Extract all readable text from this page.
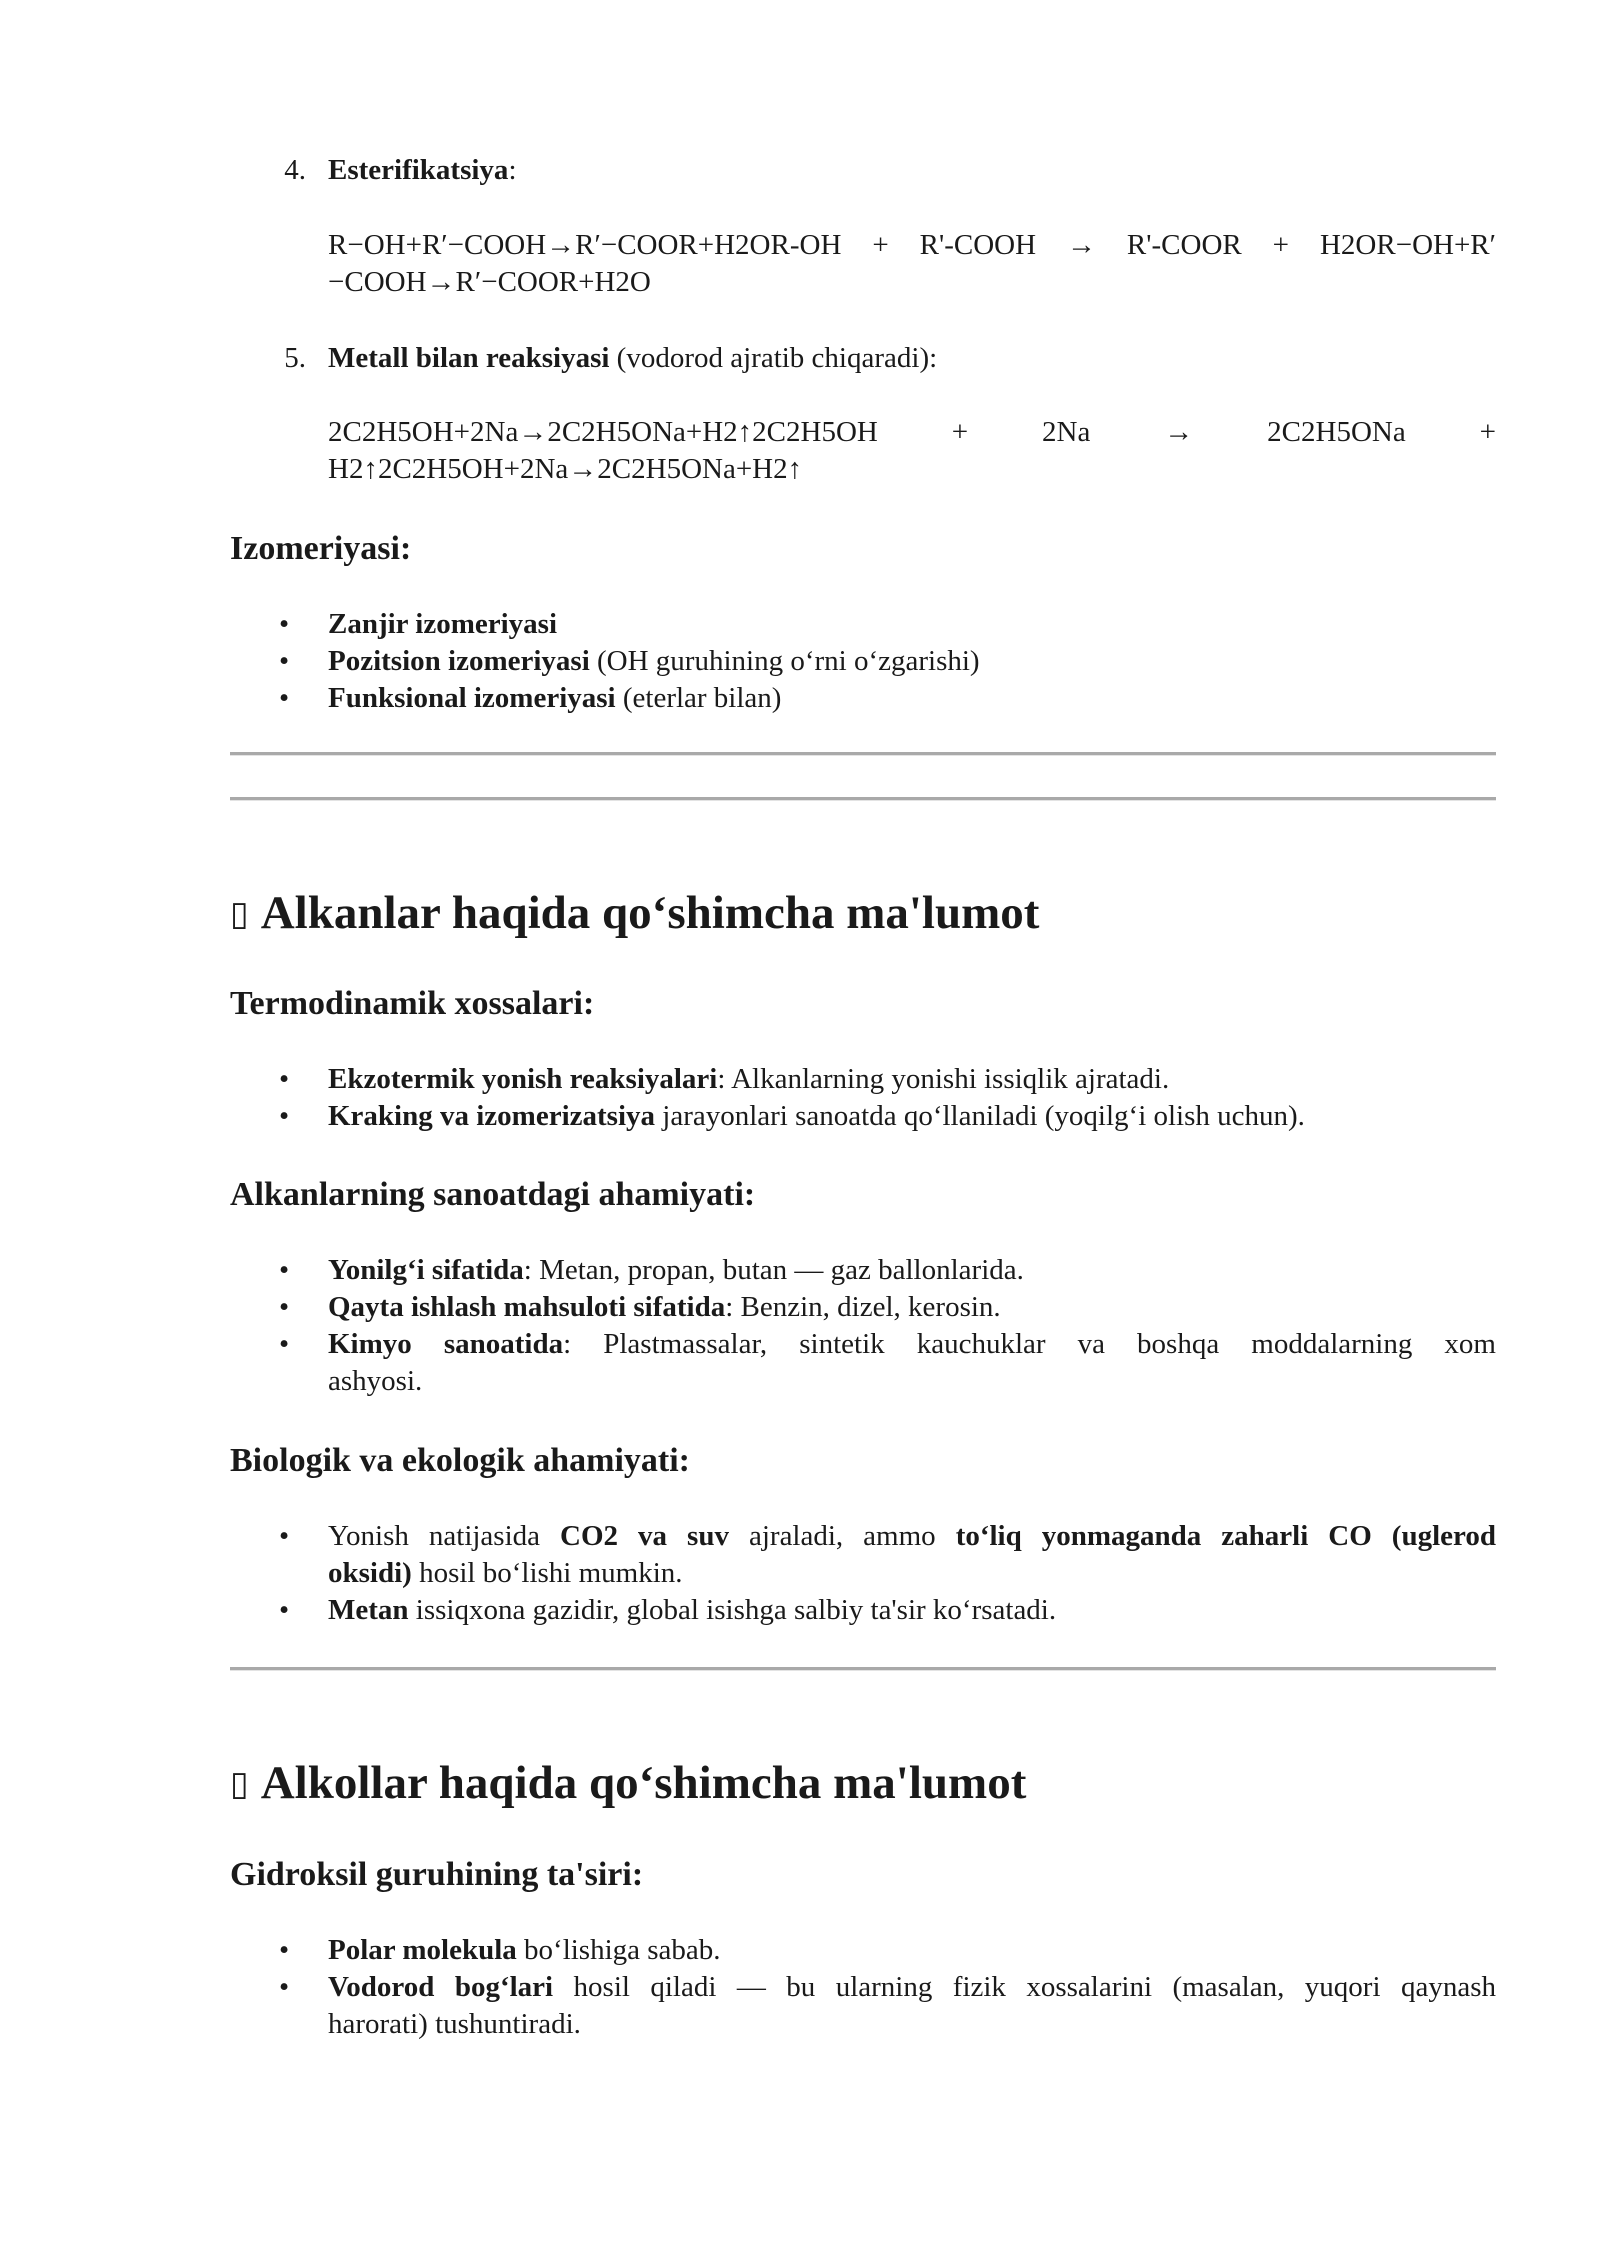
4. Esterifikatsiya:
R−OH+R′−COOH→R′−COOR+H2OR-OH + R'-COOH → R'-COOR + H2OR−OH+R′
−COOH→R′−COOR+H2O
5. Metall bilan reaksiyasi (vodorod ajratib chiqaradi):
2C2H5OH+2Na→2C2H5ONa+H2↑2C2H5OH + 2Na → 2C2H5ONa +
H2↑2C2H5OH+2Na→2C2H5ONa+H2↑
Izomeriyasi:
• Zanjir izomeriyasi
• Pozitsion izomeriyasi (OH guruhining o‘rni o‘zgarishi)
• Funksional izomeriyasi (eterlar bilan)
▯ Alkanlar haqida qo‘shimcha ma'lumot
Termodinamik xossalari:
• Ekzotermik yonish reaksiyalari: Alkanlarning yonishi issiqlik ajratadi.
• Kraking va izomerizatsiya jarayonlari sanoatda qo‘llaniladi (yoqilg‘i olish uchun).
Alkanlarning sanoatdagi ahamiyati:
• Yonilg‘i sifatida: Metan, propan, butan — gaz ballonlarida.
• Qayta ishlash mahsuloti sifatida: Benzin, dizel, kerosin.
• Kimyo sanoatida: Plastmassalar, sintetik kauchuklar va boshqa moddalarning xom
ashyosi.
Biologik va ekologik ahamiyati:
• Yonish natijasida CO2 va suv ajraladi, ammo to‘liq yonmaganda zaharli CO (uglerod
oksidi) hosil bo‘lishi mumkin.
• Metan issiqxona gazidir, global isishga salbiy ta'sir ko‘rsatadi.
▯ Alkollar haqida qo‘shimcha ma'lumot
Gidroksil guruhining ta'siri:
• Polar molekula bo‘lishiga sabab.
• Vodorod bog‘lari hosil qiladi — bu ularning fizik xossalarini (masalan, yuqori qaynash
harorati) tushuntiradi.
